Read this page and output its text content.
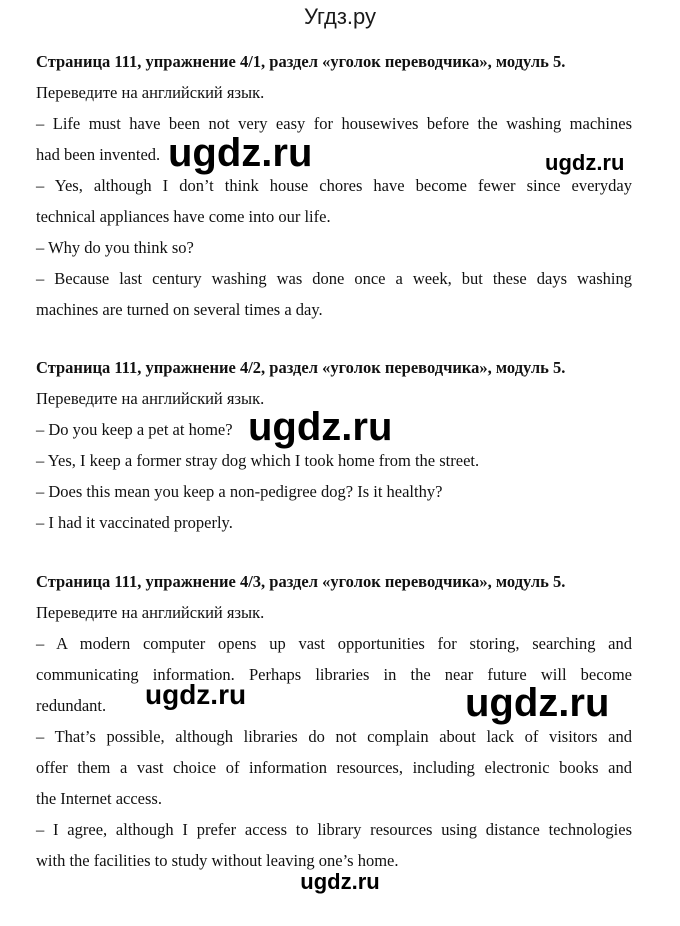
Угдз.ру
Страница 111, упражнение 4/1, раздел «уголок переводчика», модуль 5.
Переведите на английский язык.
– Life must have been not very easy for housewives before the washing machines
had been invented.
– Yes, although I don’t think house chores have become fewer since everyday
technical appliances have come into our life.
– Why do you think so?
– Because last century washing was done once a week, but these days washing
machines are turned on several times a day.
Страница 111, упражнение 4/2, раздел «уголок переводчика», модуль 5.
Переведите на английский язык.
– Do you keep a pet at home?
– Yes, I keep a former stray dog which I took home from the street.
– Does this mean you keep a non-pedigree dog? Is it healthy?
– I had it vaccinated properly.
Страница 111, упражнение 4/3, раздел «уголок переводчика», модуль 5.
Переведите на английский язык.
– A modern computer opens up vast opportunities for storing, searching and
communicating information. Perhaps libraries in the near future will become
redundant.
– That’s possible, although libraries do not complain about lack of visitors and
offer them a vast choice of information resources, including electronic books and
the Internet access.
– I agree, although I prefer access to library resources using distance technologies
with the facilities to study without leaving one’s home.
ugdz.ru	ugdz.ru
ugdz.ru
ugdz.ru	ugdz.ru
ugdz.ru
